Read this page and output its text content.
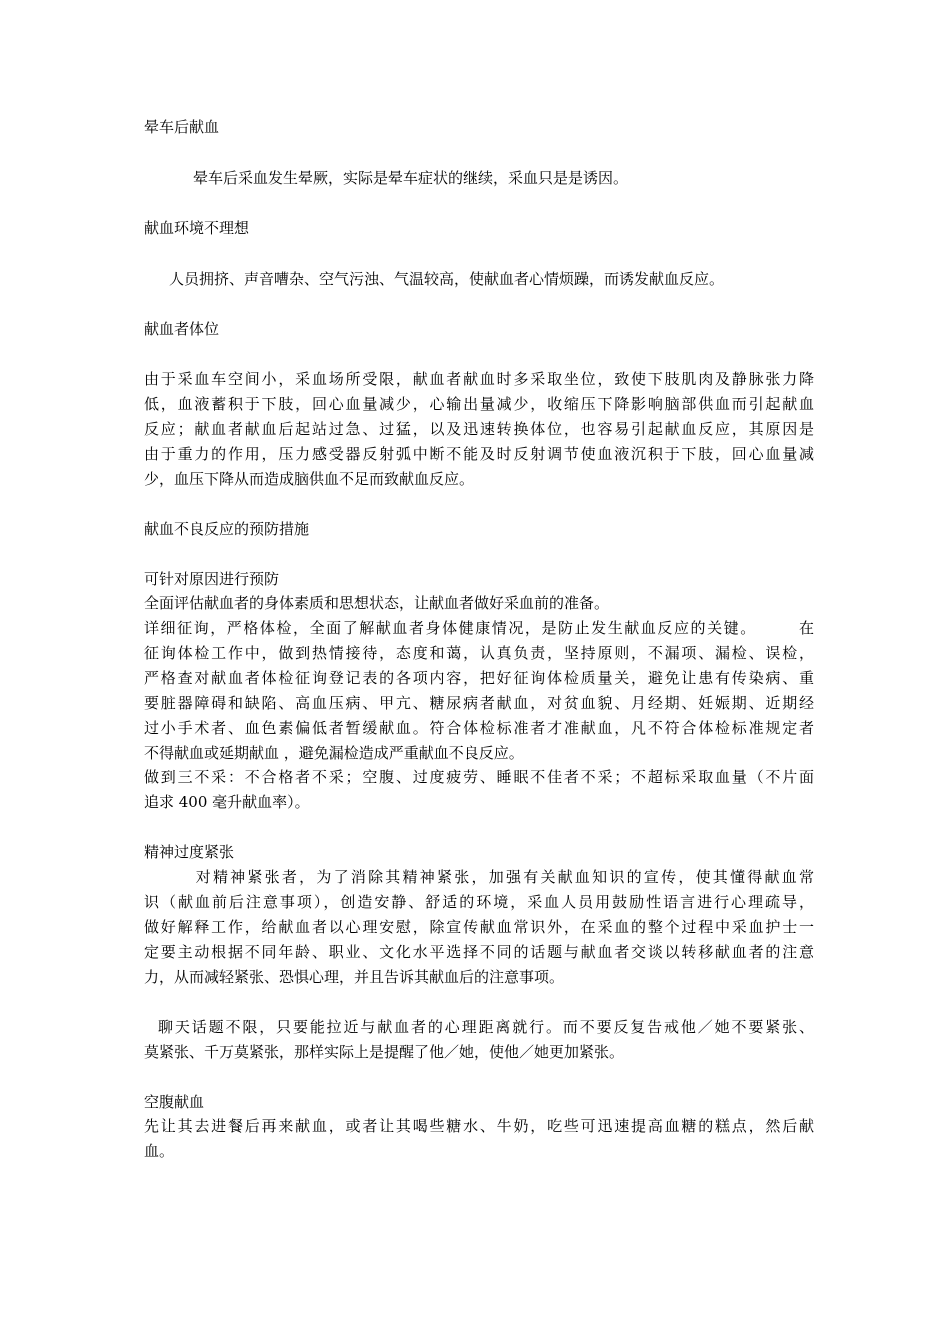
晕车后献血
晕车后采血发生晕厥，实际是晕车症状的继续，采血只是是诱因。
献血环境不理想
人员拥挤、声音嘈杂、空气污浊、气温较高，使献血者心情烦躁，而诱发献血反应。
献血者体位
由于采血车空间小，采血场所受限，献血者献血时多采取坐位，致使下肢肌肉及静脉张力降
低，血液蓄积于下肢，回心血量减少，心输出量减少，收缩压下降影响脑部供血而引起献血
反应；献血者献血后起站过急、过猛，以及迅速转换体位，也容易引起献血反应，其原因是
由于重力的作用，压力感受器反射弧中断不能及时反射调节使血液沉积于下肢，回心血量减
少，血压下降从而造成脑供血不足而致献血反应。
献血不良反应的预防措施
可针对原因进行预防
全面评估献血者的身体素质和思想状态，让献血者做好采血前的准备。
详细征询，严格体检，全面了解献血者身体健康情况，是防止发生献血反应的关键。　　　在
征询体检工作中，做到热情接待，态度和蔼，认真负责，坚持原则，不漏项、漏检、误检，
严格查对献血者体检征询登记表的各项内容，把好征询体检质量关，避免让患有传染病、重
要脏器障碍和缺陷、高血压病、甲亢、糖尿病者献血，对贫血貌、月经期、妊娠期、近期经
过小手术者、血色素偏低者暂缓献血。符合体检标准者才准献血，凡不符合体检标准规定者
不得献血或延期献血 ，避免漏检造成严重献血不良反应。
做到三不采：不合格者不采；空腹、过度疲劳、睡眠不佳者不采；不超标采取血量（不片面
追求 400 毫升献血率）。
精神过度紧张
　　　对精神紧张者，为了消除其精神紧张，加强有关献血知识的宣传，使其懂得献血常
识（献血前后注意事项），创造安静、舒适的环境，采血人员用鼓励性语言进行心理疏导，
做好解释工作，给献血者以心理安慰，除宣传献血常识外，在采血的整个过程中采血护士一
定要主动根据不同年龄、职业、文化水平选择不同的话题与献血者交谈以转移献血者的注意
力，从而减轻紧张、恐惧心理，并且告诉其献血后的注意事项。
聊天话题不限，只要能拉近与献血者的心理距离就行。而不要反复告戒他／她不要紧张、
莫紧张、千万莫紧张，那样实际上是提醒了他／她，使他／她更加紧张。
空腹献血
先让其去进餐后再来献血，或者让其喝些糖水、牛奶，吃些可迅速提高血糖的糕点，然后献
血。
